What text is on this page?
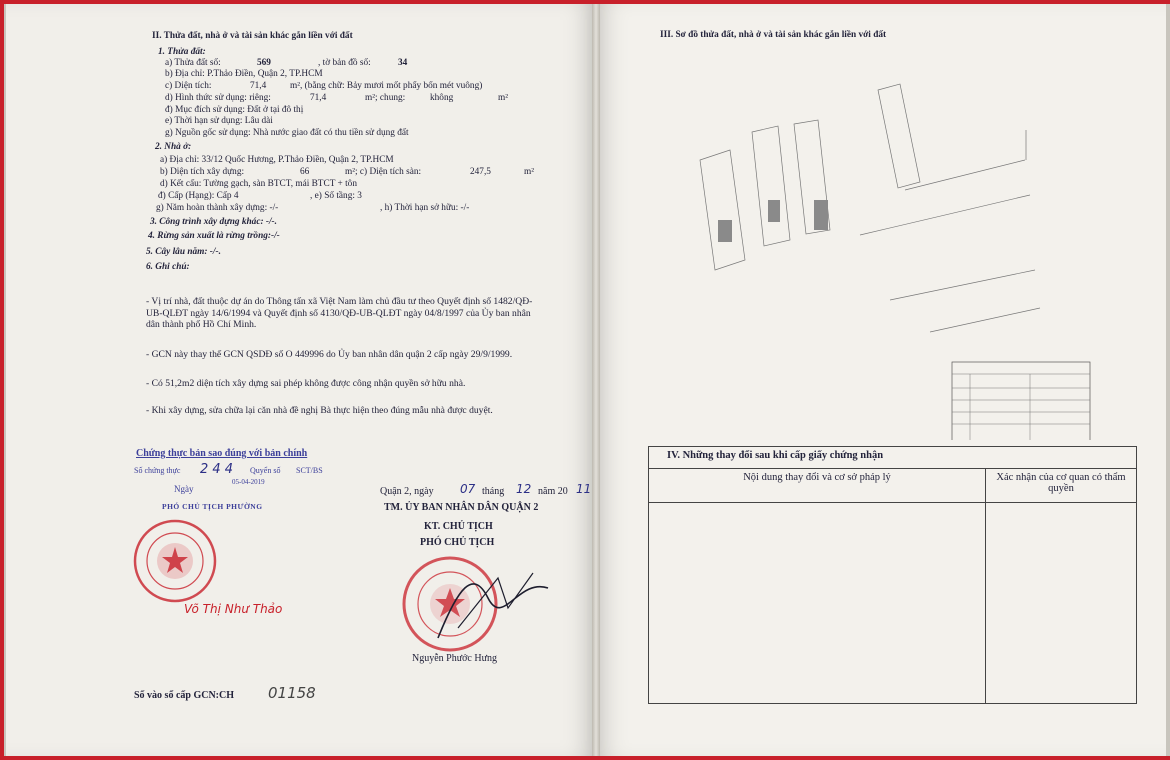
II. Thửa đất, nhà ở và tài sản khác gắn liền với đất
1. Thửa đất:
a) Thửa đất số:	569	, tờ bản đồ số:	34
b) Địa chỉ: P.Thảo Điền, Quận 2, TP.HCM
c) Diện tích:	71,4	m², (bằng chữ: Bảy mươi mốt phẩy bốn mét vuông)
d) Hình thức sử dụng: riêng:	71,4	m²; chung:	không	m²
đ) Mục đích sử dụng: Đất ở tại đô thị
e) Thời hạn sử dụng: Lâu dài
g) Nguồn gốc sử dụng: Nhà nước giao đất có thu tiền sử dụng đất
2. Nhà ở:
a) Địa chỉ: 33/12 Quốc Hương, P.Thảo Điền, Quận 2, TP.HCM
b) Diện tích xây dựng:	66	m²; c) Diện tích sàn:	247,5	m²
d) Kết cấu: Tường gạch, sàn BTCT, mái BTCT + tôn
đ) Cấp (Hạng): Cấp 4	, e) Số tầng: 3
g) Năm hoàn thành xây dựng: -/-	, h) Thời hạn sở hữu: -/-
3. Công trình xây dựng khác: -/-.
4. Rừng sản xuất là rừng trồng:-/-
5. Cây lâu năm: -/-.
6. Ghi chú:
- Vị trí nhà, đất thuộc dự án do Thông tấn xã Việt Nam làm chủ đầu tư theo Quyết định số 1482/QĐ-UB-QLĐT ngày 14/6/1994 và Quyết định số 4130/QĐ-UB-QLĐT ngày 04/8/1997 của Ủy ban nhân dân thành phố Hồ Chí Minh.
- GCN này thay thế GCN QSDĐ số O 449996 do Ủy ban nhân dân quận 2 cấp ngày 29/9/1999.
- Có 51,2m2 diện tích xây dựng sai phép không được công nhận quyền sở hữu nhà.
- Khi xây dựng, sửa chữa lại căn nhà đề nghị Bà thực hiện theo đúng mẫu nhà được duyệt.
Chứng thực bản sao đúng với bản chính
Số chứng thực 2 4 4 Quyển số SCT/BS
Ngày
05-04-2019
PHÓ CHỦ TỊCH PHƯỜNG
Võ Thị Như Thảo
Quận 2, ngày 07 tháng 12 năm 20 11
TM. ỦY BAN NHÂN DÂN QUẬN 2
KT. CHỦ TỊCH
PHÓ CHỦ TỊCH
Nguyễn Phước Hưng
Số vào sổ cấp GCN:CH 01158
III. Sơ đồ thửa đất, nhà ở và tài sản khác gắn liền với đất
IV. Những thay đổi sau khi cấp giấy chứng nhận	
Nội dung thay đổi và cơ sở pháp lý	Xác nhận của cơ quan có thẩm quyền
